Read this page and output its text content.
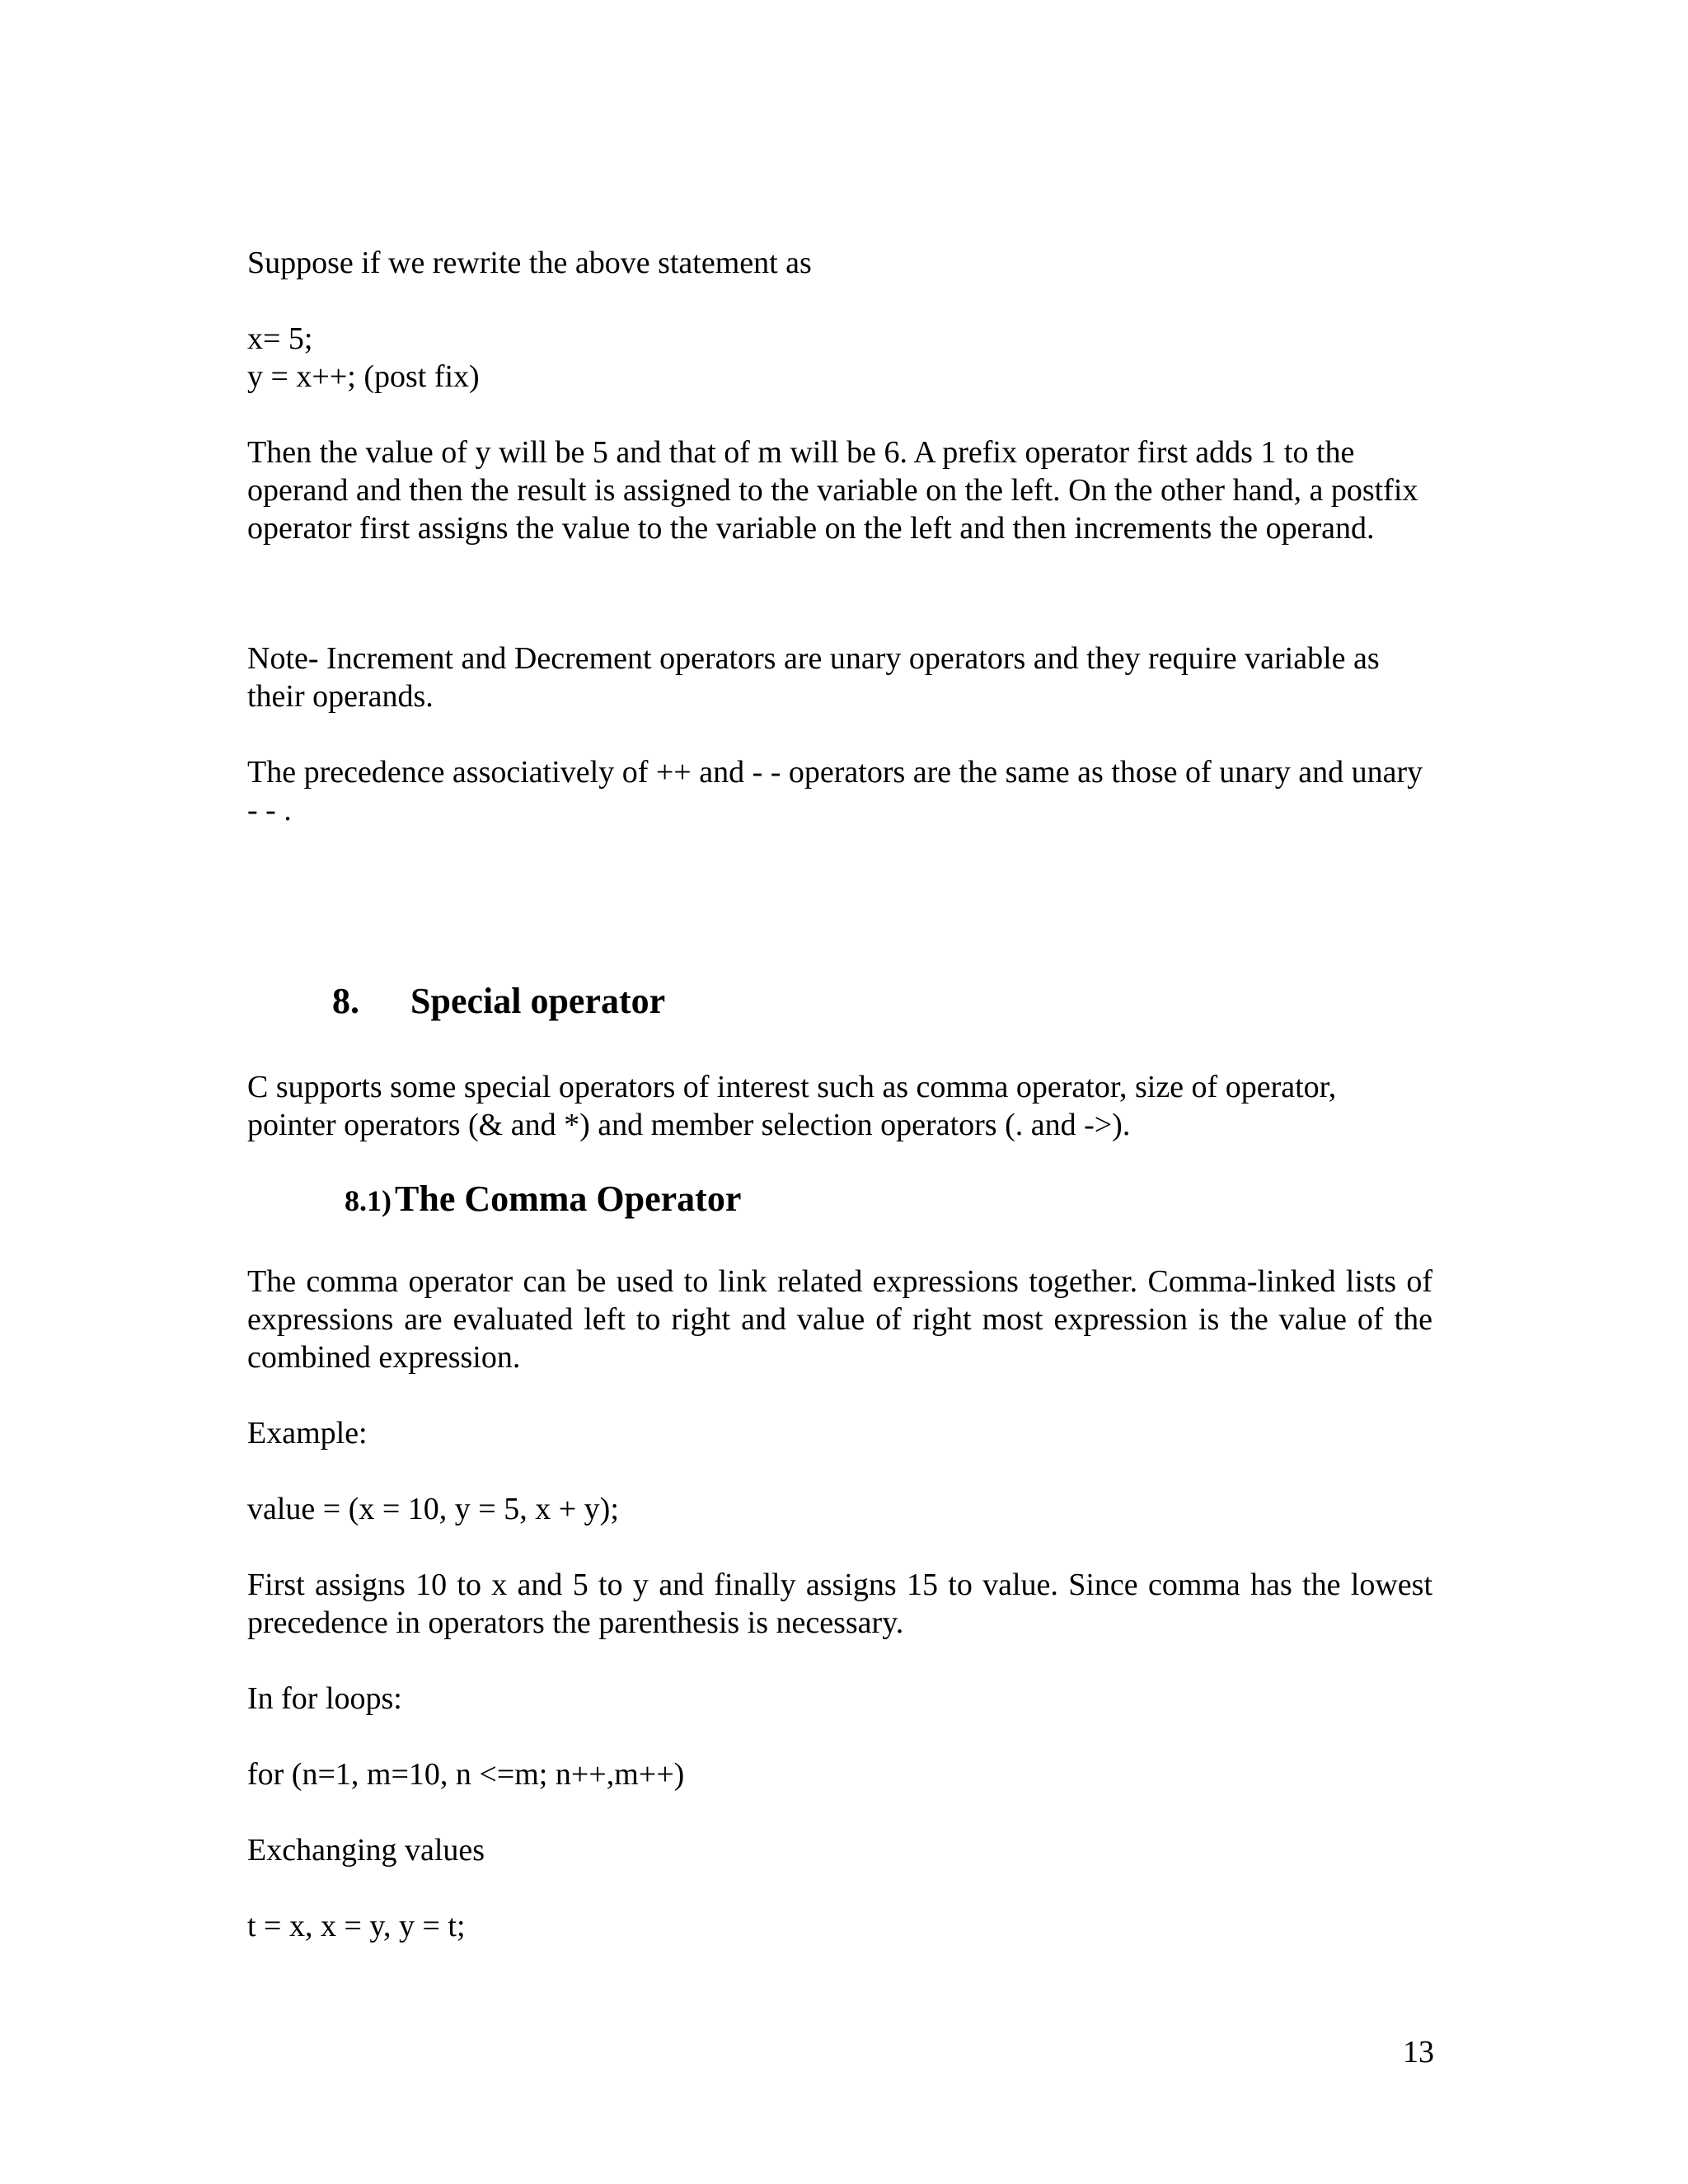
Suppose if we rewrite the above statement as

x= 5;
y = x++; (post fix)

Then the value of y will be 5 and that of m will be 6. A prefix operator first adds 1 to the operand and then the result is assigned to the variable on the left. On the other hand, a postfix operator first assigns the value to the variable on the left and then increments the operand.

Note- Increment and Decrement operators are unary operators and they require variable as their operands.

The precedence associatively of ++ and - - operators are the same as those of unary and unary - - .

8. Special operator

C supports some special operators of interest such as comma operator, size of operator, pointer operators (& and *) and member selection operators (. and ->).

8.1) The Comma Operator

The comma operator can be used to link related expressions together. Comma-linked lists of expressions are evaluated left to right and value of right most expression is the value of the combined expression.

Example:

value = (x = 10, y = 5, x + y);

First assigns 10 to x and 5 to y and finally assigns 15 to value. Since comma has the lowest precedence in operators the parenthesis is necessary.

In for loops:

for (n=1, m=10, n <=m; n++,m++)

Exchanging values

t = x, x = y, y = t;

13
